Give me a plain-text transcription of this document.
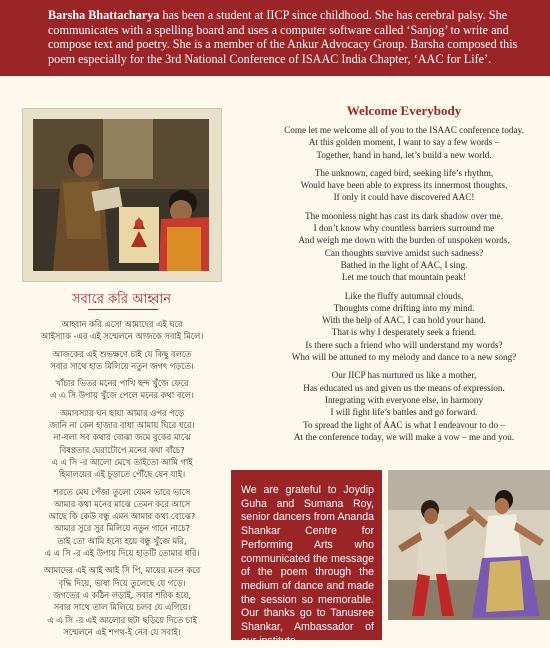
Barsha Bhattacharya has been a student at IICP since childhood. She has cerebral palsy. She communicates with a spelling board and uses a computer software called ‘Sanjog’ to write and compose text and poetry. She is a member of the Ankur Advocacy Group. Barsha composed this poem especially for the 3rd National Conference of ISAAC India Chapter, ‘AAC for Life’.
সবারে করি আহ্বান
আহ্বান করি এসো আমাদের এই ঘরে
আইস্যাক -এর এই সম্মেলনে আজকে সবাই মিলে।
আজকের এই শুভক্ষণে চাই যে কিছু বলতে
সবার সাথে হাত মিলিয়ে নতুন জগৎ গড়তে।
খাঁচার ভিতর মনের পাখি ছন্দ খুঁজে ফেরে
এ এ সি উপায় খুঁজে পেলে মনের কথা বলে।
অমাবস্যার ঘন ছায়া আমার ওপর পড়ে
জানি না কেন হাজার বাধা আমায় ঘিরে ধরে।
না-বলা সব কথার বোঝা জমে বুকের মাঝে
বিষণ্ণতার ঘেরাটোপে মনের কথা বাঁচে?
এ এ সি -র আলো মেখে তাইতো আমি গাই
হিমালয়ের এই চূড়াতে পৌঁছে যেন যাই।
শরতে মেঘ পেঁজা তুলো যেমন ভাবে ভাসে
আমার কথা মনের মাঝে তেমন করে আসে
আছে কি কেউ বন্ধু এমন আমার কথা বোঝে?
আমার সুরে সুর মিলিয়ে নতুন গানে নাচে?
তাই তো আমি হন্যে হয়ে বন্ধু খুঁজে মরি,
এ এ সি -র এই উপায় দিয়ে হাতটি তোমার ধরি।
আমাদের এই আই আই সি পি, মায়ের মতন করে
বৃদ্ধি দিয়ে, ভাষা দিয়ে তুলেছে যে গড়ে।
জগতের এ কঠিন লড়াই, সবার শরিক হয়ে,
সবার সাথে তাল মিলিয়ে চলব যে এগিয়ে।
এ এ সি -র এই আলোর ছটা ছড়িয়ে দিতে চাই
সম্মেলনে এই শপথ-ই নেব যে সবাই।
Welcome Everybody
Come let me welcome all of you to the ISAAC conference today.
At this golden moment, I want to say a few words –
Together, hand in hand, let’s build a new world.
The unknown, caged bird, seeking life’s rhythm,
Would have been able to express its innermost thoughts,
If only it could have discovered AAC!
The moonless night has cast its dark shadow over me.
I don’t know why countless barriers surround me
And weigh me down with the burden of unspoken words.
Can thoughts survive amidst such sadness?
Bathed in the light of AAC, I sing.
Let me touch that mountain peak!
Like the fluffy autumnal clouds,
Thoughts come drifting into my mind.
With the help of AAC, I can hold your hand.
That is why I desperately seek a friend.
Is there such a friend who will understand my words?
Who will be attuned to my melody and dance to a new song?
Our IICP has nurtured us like a mother,
Has educated us and given us the means of expression.
Integrating with everyone else, in harmony
I will fight life’s battles and go forward.
To spread the light of AAC is what I endeavour to do –
At the conference today, we will make a vow – me and you.
We are grateful to Joydip Guha and Sumana Roy, senior dancers from Ananda Shankar Centre for Performing Arts who communicated the message of the poem through the medium of dance and made the session so memorable. Our thanks go to Tanusree Shankar, Ambassador of our institute.
